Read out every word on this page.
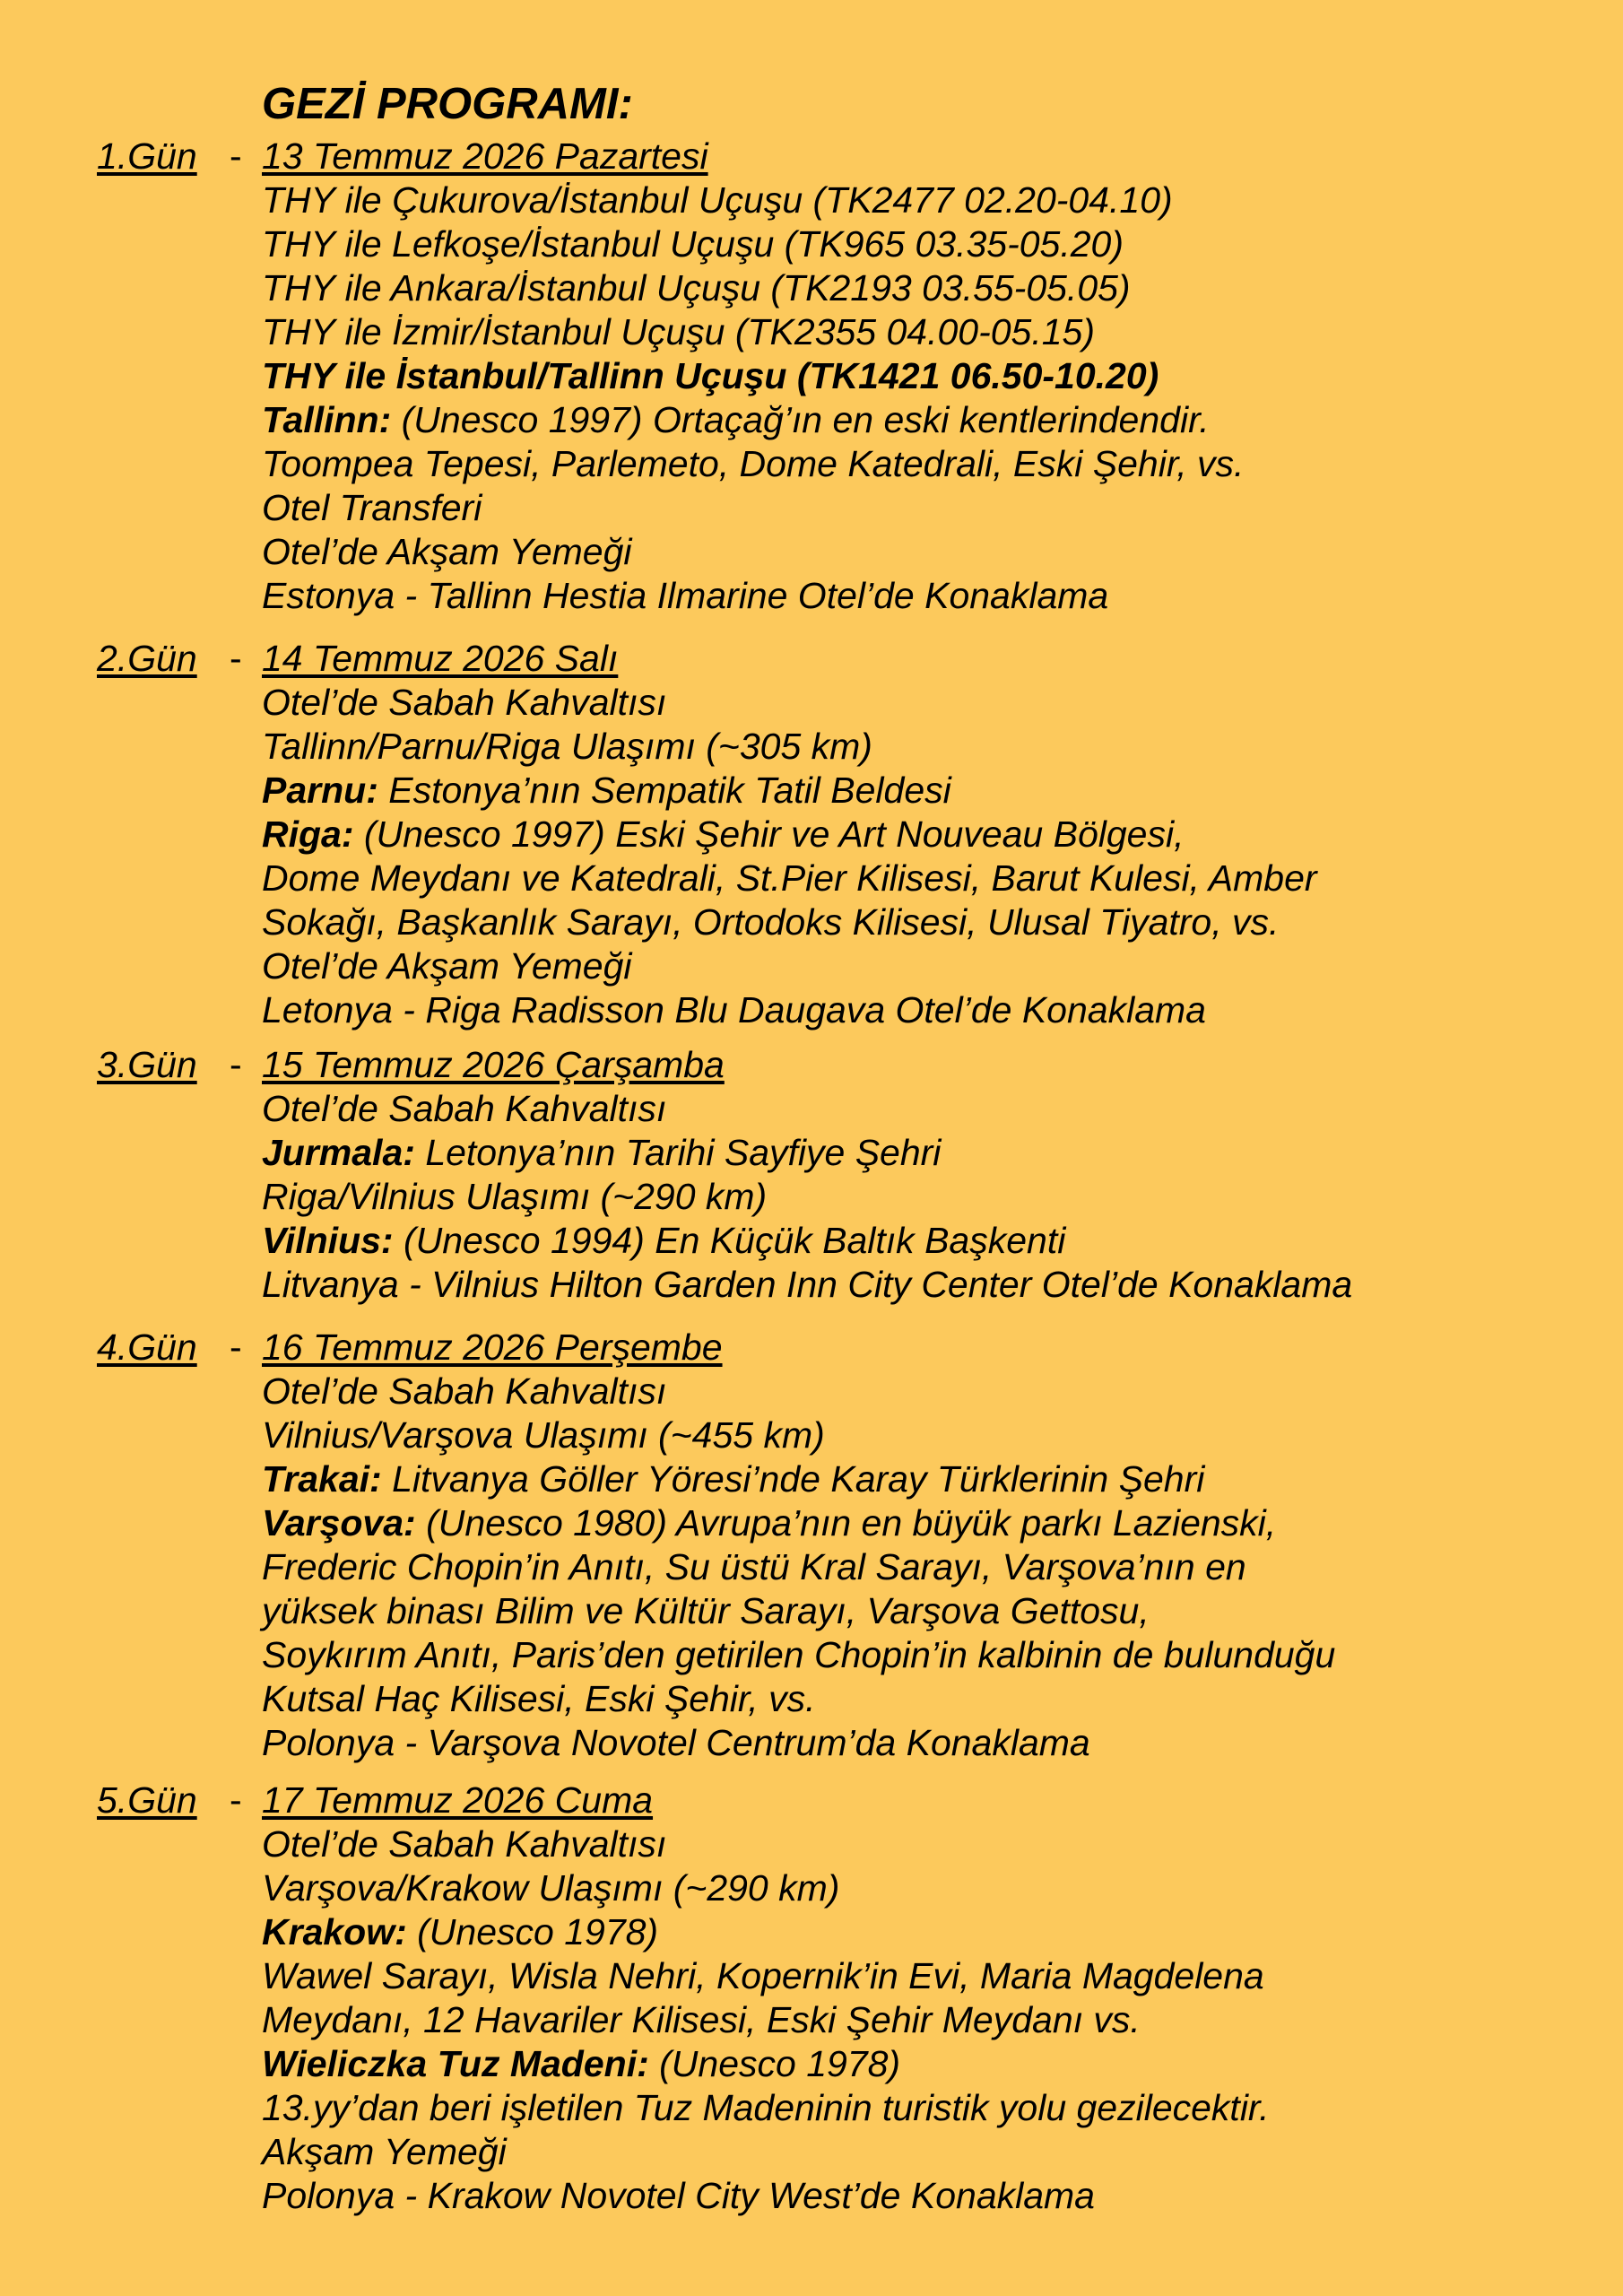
GEZİ PROGRAMI:
1.Gün - 13 Temmuz 2026 Pazartesi
THY ile Çukurova/İstanbul Uçuşu (TK2477 02.20-04.10)
THY ile Lefkoşe/İstanbul Uçuşu (TK965 03.35-05.20)
THY ile Ankara/İstanbul Uçuşu (TK2193 03.55-05.05)
THY ile İzmir/İstanbul Uçuşu (TK2355 04.00-05.15)
THY ile İstanbul/Tallinn Uçuşu (TK1421 06.50-10.20)
Tallinn: (Unesco 1997) Ortaçağ’ın en eski kentlerindendir.
Toompea Tepesi, Parlemeto, Dome Katedrali, Eski Şehir, vs.
Otel Transferi
Otel’de Akşam Yemeği
Estonya - Tallinn Hestia Ilmarine Otel’de Konaklama
2.Gün - 14 Temmuz 2026 Salı
Otel’de Sabah Kahvaltısı
Tallinn/Parnu/Riga Ulaşımı (~305 km)
Parnu: Estonya’nın Sempatik Tatil Beldesi
Riga: (Unesco 1997) Eski Şehir ve Art Nouveau Bölgesi,
Dome Meydanı ve Katedrali, St.Pier Kilisesi, Barut Kulesi, Amber
Sokağı, Başkanlık Sarayı, Ortodoks Kilisesi, Ulusal Tiyatro, vs.
Otel’de Akşam Yemeği
Letonya - Riga Radisson Blu Daugava Otel’de Konaklama
3.Gün - 15 Temmuz 2026 Çarşamba
Otel’de Sabah Kahvaltısı
Jurmala: Letonya’nın Tarihi Sayfiye Şehri
Riga/Vilnius Ulaşımı (~290 km)
Vilnius: (Unesco 1994) En Küçük Baltık Başkenti
Litvanya - Vilnius Hilton Garden Inn City Center Otel’de Konaklama
4.Gün - 16 Temmuz 2026 Perşembe
Otel’de Sabah Kahvaltısı
Vilnius/Varşova Ulaşımı (~455 km)
Trakai: Litvanya Göller Yöresi’nde Karay Türklerinin Şehri
Varşova: (Unesco 1980) Avrupa’nın en büyük parkı Lazienski,
Frederic Chopin’in Anıtı, Su üstü Kral Sarayı, Varşova’nın en
yüksek binası Bilim ve Kültür Sarayı, Varşova Gettosu,
Soykırım Anıtı, Paris’den getirilen Chopin’in kalbinin de bulunduğu
Kutsal Haç Kilisesi, Eski Şehir, vs.
Polonya - Varşova Novotel Centrum’da Konaklama
5.Gün - 17 Temmuz 2026 Cuma
Otel’de Sabah Kahvaltısı
Varşova/Krakow Ulaşımı (~290 km)
Krakow: (Unesco 1978)
Wawel Sarayı, Wisla Nehri, Kopernik’in Evi, Maria Magdelena
Meydanı, 12 Havariler Kilisesi, Eski Şehir Meydanı vs.
Wieliczka Tuz Madeni: (Unesco 1978)
13.yy’dan beri işletilen Tuz Madeninin turistik yolu gezilecektir.
Akşam Yemeği
Polonya - Krakow Novotel City West’de Konaklama
